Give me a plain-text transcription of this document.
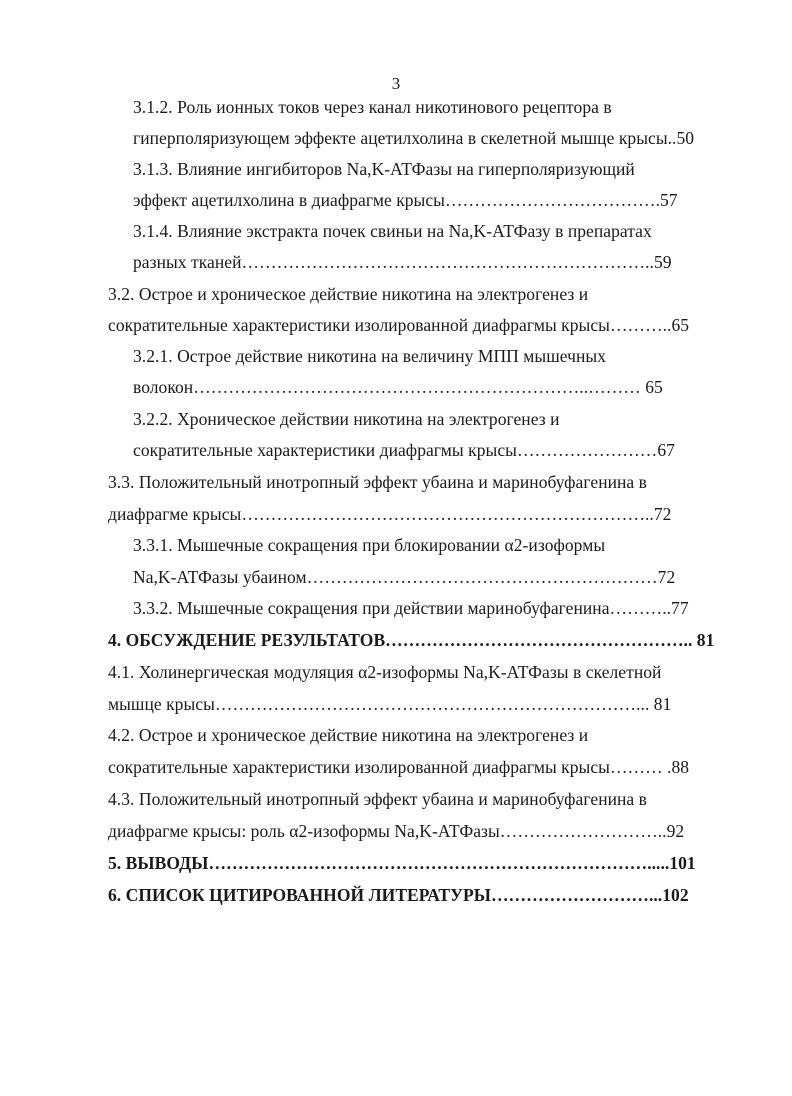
3
3.1.2. Роль ионных токов через канал никотинового рецептора в
гиперполяризующем эффекте ацетилхолина в скелетной мышце крысы..50
3.1.3. Влияние ингибиторов Na,K-АТФазы на гиперполяризующий
эффект ацетилхолина в диафрагме крысы……………………………….57
3.1.4. Влияние экстракта почек свиньи на Na,K-АТФазу в препаратах
разных тканей……………………………………………………………..59
3.2. Острое и хроническое действие никотина на электрогенез и
сократительные характеристики изолированной диафрагмы крысы………..65
3.2.1. Острое действие никотина на величину МПП мышечных
волокон…………………………………………………………..……… 65
3.2.2. Хроническое действии никотина на электрогенез и
сократительные характеристики диафрагмы крысы……………………67
3.3. Положительный инотропный эффект убаина и маринобуфагенина в
диафрагме крысы……………………………………………………………..72
3.3.1. Мышечные сокращения при блокировании α2-изоформы
Na,K-АТФазы убаином……………………………………………………72
3.3.2. Мышечные сокращения при действии маринобуфагенина………..77
4. ОБСУЖДЕНИЕ РЕЗУЛЬТАТОВ…………………………………………….. 81
4.1. Холинергическая модуляция α2-изоформы Na,K-АТФазы в скелетной
мышце крысы………………………………………………………………... 81
4.2. Острое и хроническое действие никотина на электрогенез и
сократительные характеристики изолированной диафрагмы крысы……… .88
4.3. Положительный инотропный эффект убаина и маринобуфагенина в
диафрагме крысы: роль α2-изоформы Na,K-АТФазы………………………..92
5. ВЫВОДЫ………………………………………………………………….....101
6. СПИСОК ЦИТИРОВАННОЙ ЛИТЕРАТУРЫ………………………...102
